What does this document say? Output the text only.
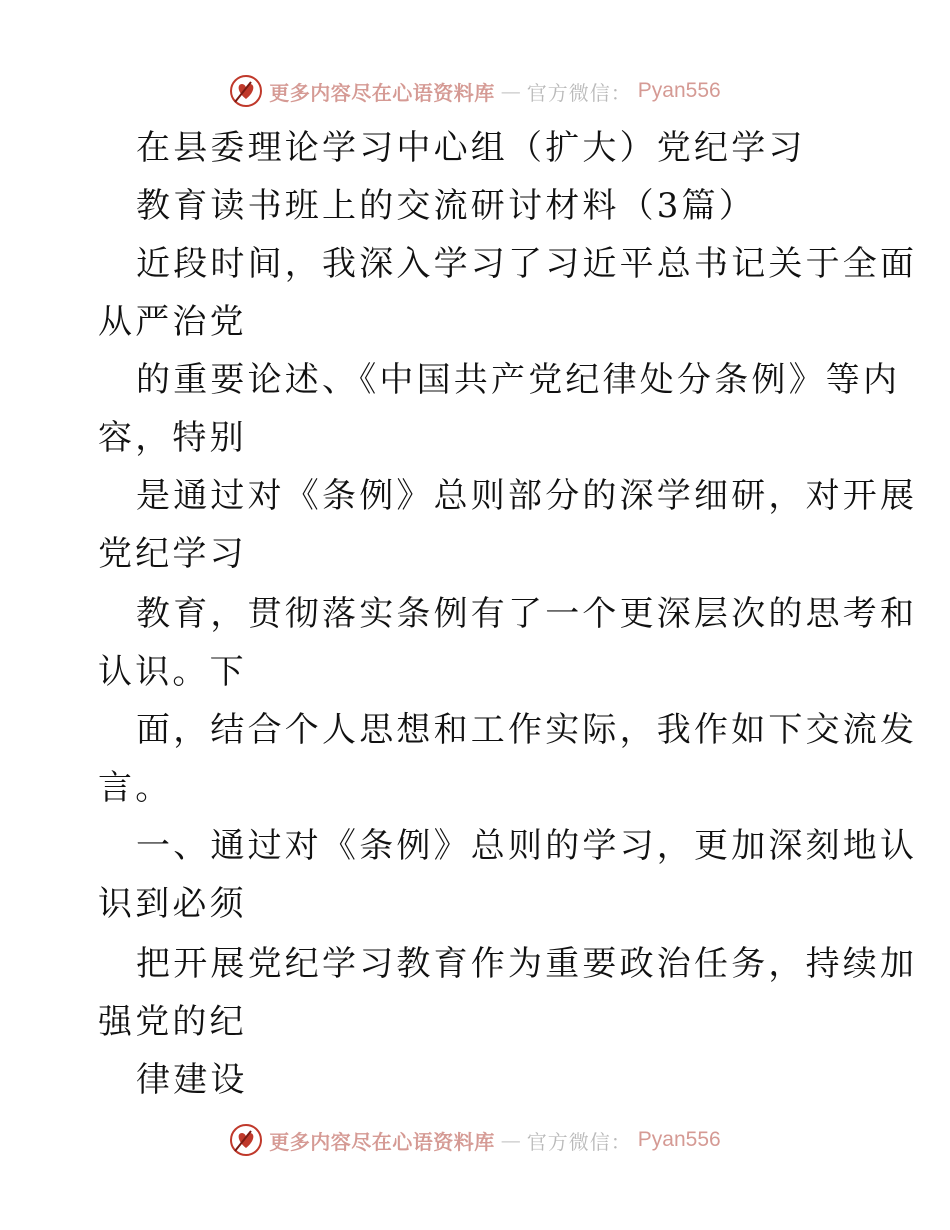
更多内容尽在心语资料库 — 官方微信： Pyan556
在县委理论学习中心组（扩大）党纪学习
教育读书班上的交流研讨材料（3篇）
近段时间，我深入学习了习近平总书记关于全面
从严治党
的重要论述、《中国共产党纪律处分条例》等内
容，特别
是通过对《条例》总则部分的深学细研，对开展
党纪学习
教育，贯彻落实条例有了一个更深层次的思考和
认识。下
面，结合个人思想和工作实际，我作如下交流发
言。
一、通过对《条例》总则的学习，更加深刻地认
识到必须
把开展党纪学习教育作为重要政治任务，持续加
强党的纪
律建设
更多内容尽在心语资料库 — 官方微信： Pyan556
